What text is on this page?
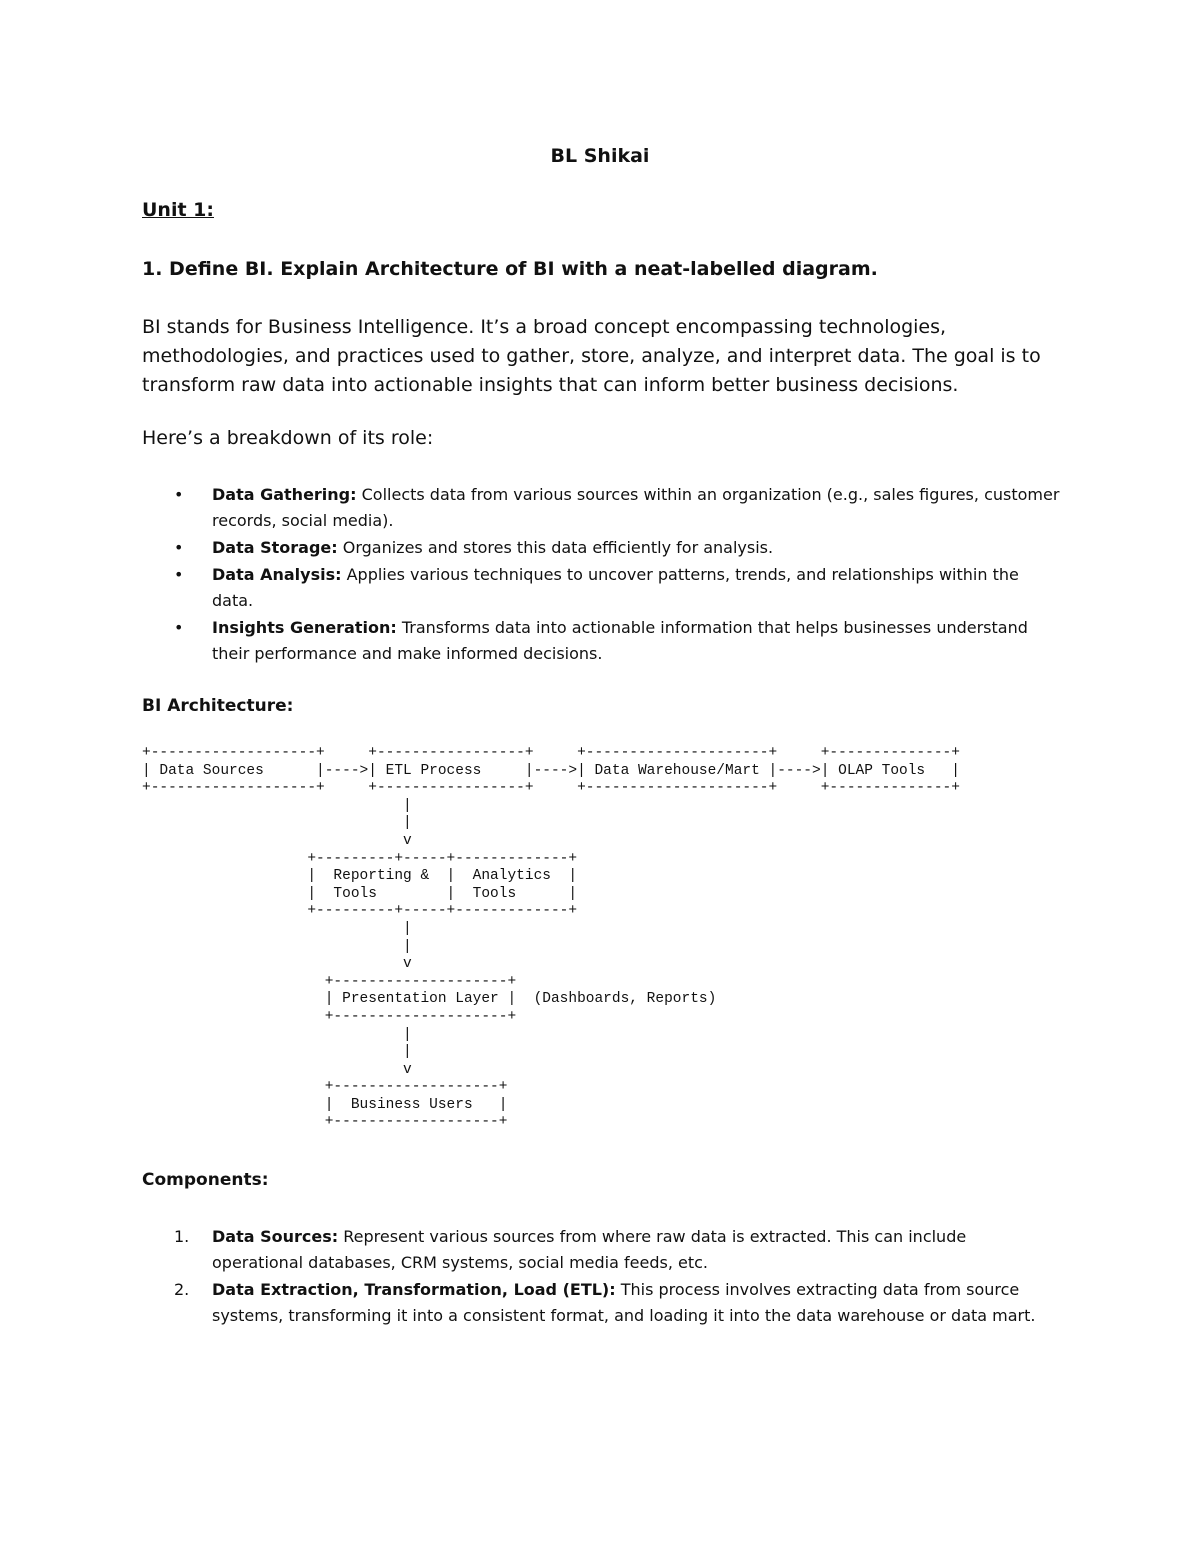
BL Shikai
Unit 1:
1. Define BI. Explain Architecture of BI with a neat-labelled diagram.

BI stands for Business Intelligence. It’s a broad concept encompassing technologies, methodologies, and practices used to gather, store, analyze, and interpret data. The goal is to transform raw data into actionable insights that can inform better business decisions.

Here’s a breakdown of its role:

• Data Gathering: Collects data from various sources within an organization (e.g., sales figures, customer records, social media).
• Data Storage: Organizes and stores this data efficiently for analysis.
• Data Analysis: Applies various techniques to uncover patterns, trends, and relationships within the data.
• Insights Generation: Transforms data into actionable information that helps businesses understand their performance and make informed decisions.
BI Architecture:
+-------------------+     +-----------------+     +---------------------+     +--------------+
| Data Sources      |---->| ETL Process     |---->| Data Warehouse/Mart |---->| OLAP Tools   |
+-------------------+     +-----------------+     +---------------------+     +--------------+
|
|
v
+---------+-----+-------------+
|  Reporting &  |  Analytics  |
|  Tools        |  Tools      |
+---------+-----+-------------+
|
|
v
+--------------------+
| Presentation Layer |  (Dashboards, Reports)
+--------------------+
|
|
v
+-------------------+
|  Business Users   |
+-------------------+
Components:
1. Data Sources: Represent various sources from where raw data is extracted. This can include operational databases, CRM systems, social media feeds, etc.
2. Data Extraction, Transformation, Load (ETL): This process involves extracting data from source systems, transforming it into a consistent format, and loading it into the data warehouse or data mart.
